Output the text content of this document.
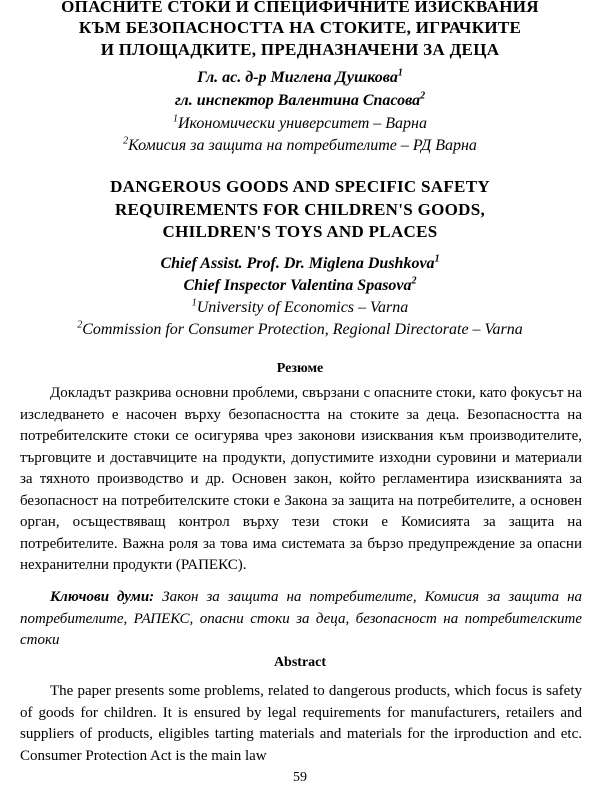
ОПАСНИТЕ СТОКИ И СПЕЦИФИЧНИТЕ ИЗИСКВАНИЯ

КЪМ БЕЗОПАСНОСТТА НА СТОКИТЕ, ИГРАЧКИТЕ

И ПЛОЩАДКИТЕ, ПРЕДНАЗНАЧЕНИ ЗА ДЕЦА

Гл. ас. д-р Миглена Душкова$^1$

гл. инспектор Валентина Спасова$^2$

$^1$Икономически университет – Варна

$^2$Комисия за защита на потребителите – РД Варна

DANGEROUS GOODS AND SPECIFIC SAFETY

REQUIREMENTS FOR CHILDREN'S GOODS,

CHILDREN'S TOYS AND PLACES

Chief Assist. Prof. Dr. Miglena Dushkova$^1$

Chief Inspector Valentina Spasova$^2$

$^1$University of Economics – Varna

$^2$Commission for Consumer Protection, Regional Directorate – Varna

Резюме

Докладът разкрива основни проблеми, свързани с опасните стоки, като фокусът на изследването е насочен върху безопасността на стоките за деца. Безопасността на потребителските стоки се осигурява чрез законови изисквания към производителите, търговците и доставчиците на продукти, допустимите изходни суровини и материали за тяхното производство и др. Основен закон, който регламентира изискванията за безопасност на потребителските стоки е Закона за защита на потребителите, а основен орган, осъществяващ контрол върху тези стоки е Комисията за защита на потребителите. Важна роля за това има системата за бързо предупреждение за опасни нехранителни продукти (РАПЕКС).

Ключови думи: Закон за защита на потребителите, Комисия за защита на потребителите, РАПЕКС, опасни стоки за деца, безопасност на потребителските стоки

Abstract

The paper presents some problems, related to dangerous products, which focus is safety of goods for children. It is ensured by legal requirements for manufacturers, retailers and suppliers of products, eligibles tarting materials and materials for the irproduction and etc. Consumer Protection Act is the main law

59
